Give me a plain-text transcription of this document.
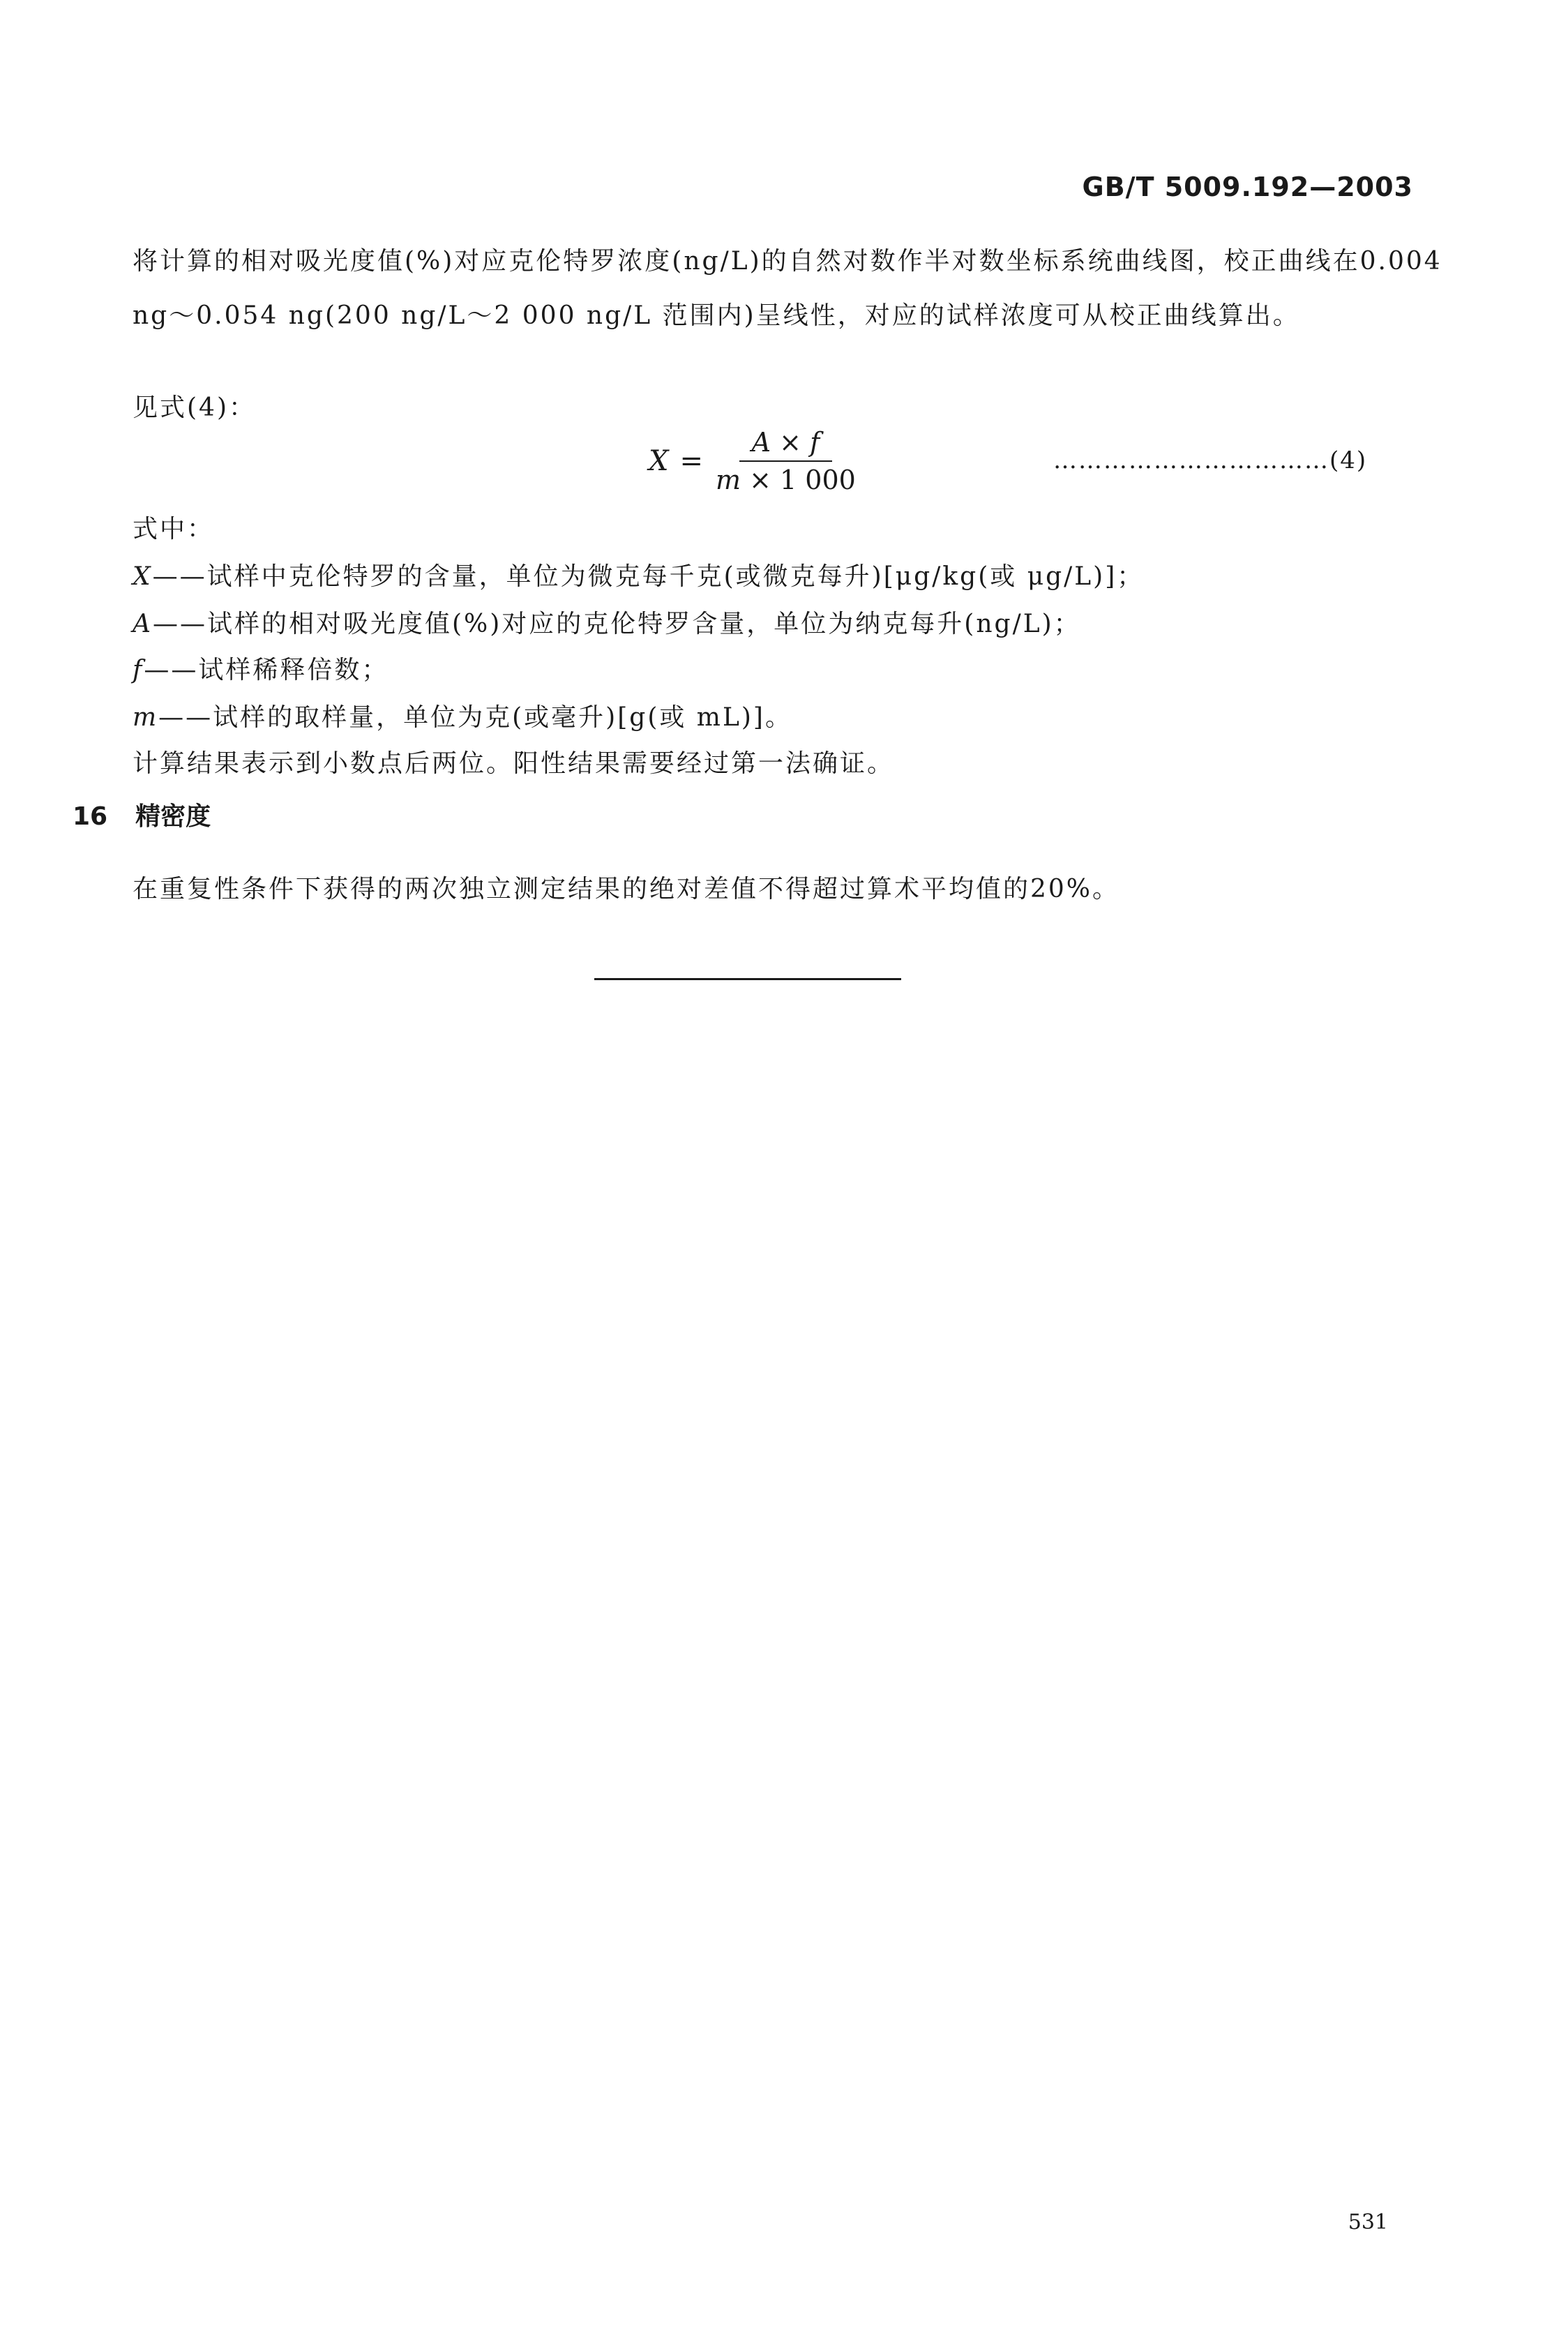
GB/T 5009.192—2003
将计算的相对吸光度值(%)对应克伦特罗浓度(ng/L)的自然对数作半对数坐标系统曲线图，校正曲线在0.004 ng～0.054 ng(200 ng/L～2 000 ng/L 范围内)呈线性，对应的试样浓度可从校正曲线算出。
见式(4)：
$X = \frac{A \times f}{m \times 1 000}$	……………………………(4)
式中：
X——试样中克伦特罗的含量，单位为微克每千克(或微克每升)[μg/kg(或 μg/L)]；
A——试样的相对吸光度值(%)对应的克伦特罗含量，单位为纳克每升(ng/L)；
f——试样稀释倍数；
m——试样的取样量，单位为克(或毫升)[g(或 mL)]。
计算结果表示到小数点后两位。阳性结果需要经过第一法确证。
16 精密度
在重复性条件下获得的两次独立测定结果的绝对差值不得超过算术平均值的20%。
531
